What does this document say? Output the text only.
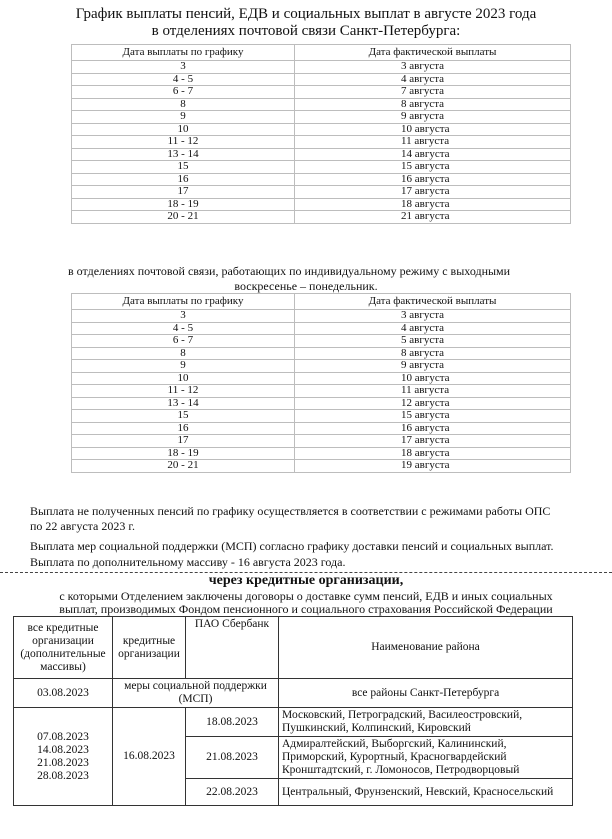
График выплаты пенсий, ЕДВ и социальных выплат в августе 2023 года
в отделениях почтовой связи Санкт-Петербурга:
Дата выплаты по графику	Дата фактической выплаты
3	3 августа
4 - 5	4 августа
6 - 7	7 августа
8	8 августа
9	9 августа
10	10 августа
11 - 12	11 августа
13 - 14	14 августа
15	15 августа
16	16 августа
17	17 августа
18 - 19	18 августа
20 - 21	21 августа
в отделениях почтовой связи, работающих по индивидуальному режиму с выходными
воскресенье – понедельник.
Дата выплаты по графику	Дата фактической выплаты
3	3 августа
4 - 5	4 августа
6 - 7	5 августа
8	8 августа
9	9 августа
10	10 августа
11 - 12	11 августа
13 - 14	12 августа
15	15 августа
16	16 августа
17	17 августа
18 - 19	18 августа
20 - 21	19 августа
Выплата не полученных пенсий по графику осуществляется в соответствии с режимами работы ОПС
по 22 августа 2023 г.
Выплата мер социальной поддержки (МСП) согласно графику доставки пенсий и социальных выплат.
Выплата по дополнительному массиву - 16 августа 2023 года.
через кредитные организации,
с которыми Отделением заключены договоры о доставке сумм пенсий, ЕДВ и иных социальных
выплат, производимых Фондом пенсионного и социального страхования Российской Федерации
все кредитные организации (дополнительные массивы)	кредитные организации	ПАО Сбербанк	Наименование района
03.08.2023	меры социальной поддержки (МСП)		все районы Санкт-Петербурга
07.08.2023
14.08.2023
21.08.2023
28.08.2023	16.08.2023	18.08.2023	Московский, Петроградский, Василеостровский, Пушкинский, Колпинский, Кировский
		21.08.2023	Адмиралтейский, Выборгский, Калининский, Приморский, Курортный, Красногвардейский Кронштадтский, г. Ломоносов, Петродворцовый
		22.08.2023	Центральный, Фрунзенский, Невский, Красносельский
